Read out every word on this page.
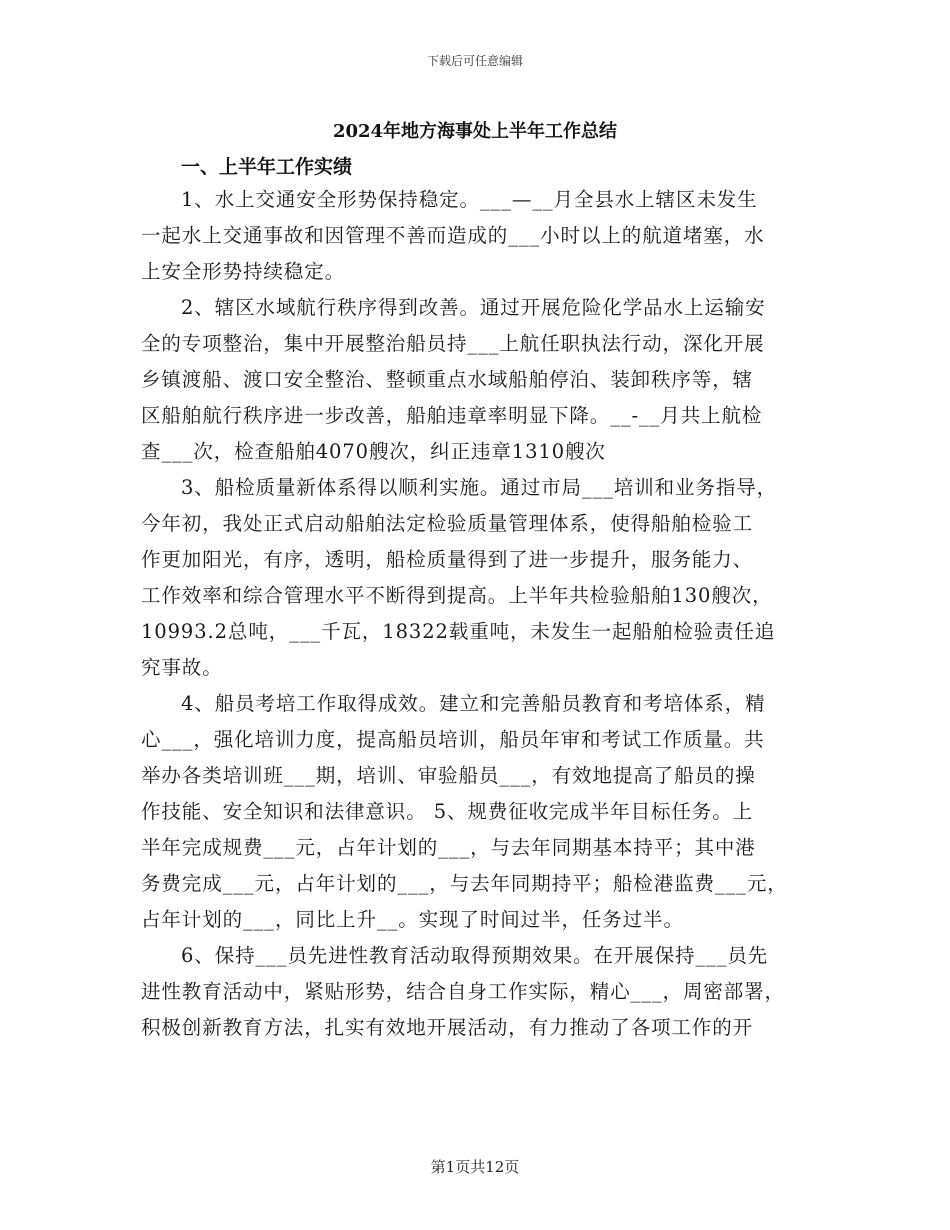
下载后可任意编辑
2024年地方海事处上半年工作总结
一、上半年工作实绩
1、水上交通安全形势保持稳定。___—__月全县水上辖区未发生
一起水上交通事故和因管理不善而造成的___小时以上的航道堵塞，水
上安全形势持续稳定。
2、辖区水域航行秩序得到改善。通过开展危险化学品水上运输安
全的专项整治，集中开展整治船员持___上航任职执法行动，深化开展
乡镇渡船、渡口安全整治、整顿重点水域船舶停泊、装卸秩序等，辖
区船舶航行秩序进一步改善，船舶违章率明显下降。__-__月共上航检
查___次，检查船舶4070艘次，纠正违章1310艘次
3、船检质量新体系得以顺利实施。通过市局___培训和业务指导，
今年初，我处正式启动船舶法定检验质量管理体系，使得船舶检验工
作更加阳光，有序，透明，船检质量得到了进一步提升，服务能力、
工作效率和综合管理水平不断得到提高。上半年共检验船舶130艘次，
10993.2总吨，___千瓦，18322载重吨，未发生一起船舶检验责任追
究事故。
4、船员考培工作取得成效。建立和完善船员教育和考培体系，精
心___，强化培训力度，提高船员培训，船员年审和考试工作质量。共
举办各类培训班___期，培训、审验船员___，有效地提高了船员的操
作技能、安全知识和法律意识。 5、规费征收完成半年目标任务。上
半年完成规费___元，占年计划的___，与去年同期基本持平；其中港
务费完成___元，占年计划的___，与去年同期持平；船检港监费___元，
占年计划的___，同比上升__。实现了时间过半，任务过半。
6、保持___员先进性教育活动取得预期效果。在开展保持___员先
进性教育活动中，紧贴形势，结合自身工作实际，精心___，周密部署，
积极创新教育方法，扎实有效地开展活动，有力推动了各项工作的开
第1页共12页
